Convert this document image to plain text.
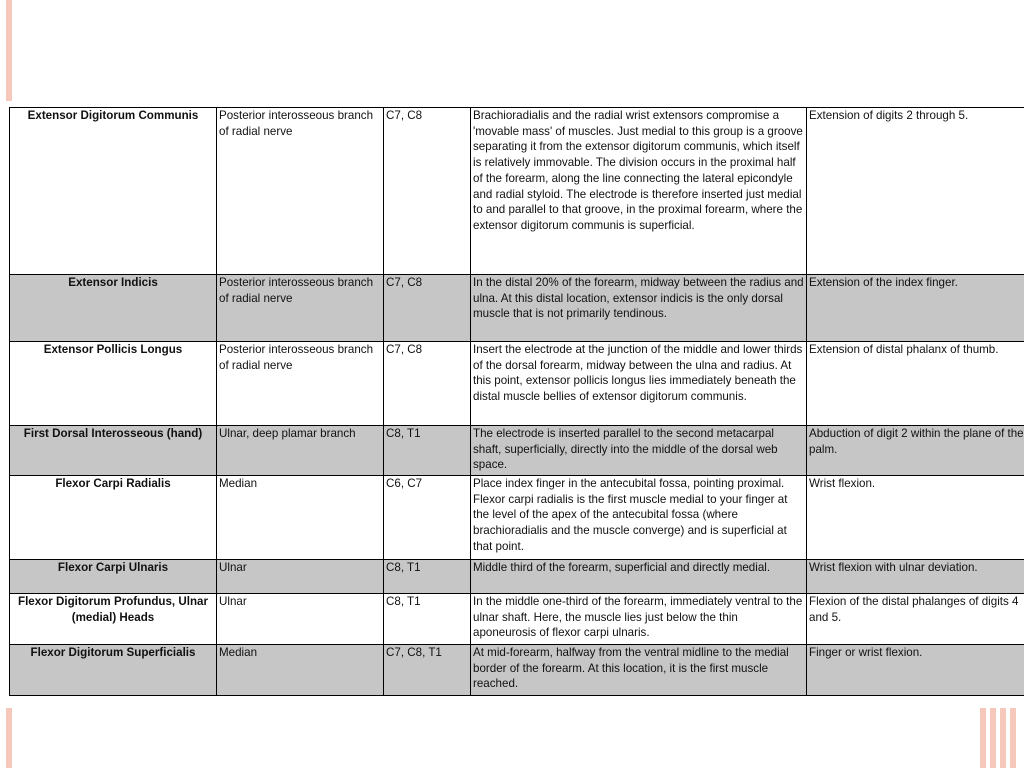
Extensor Digitorum Communis	Posterior interosseous branch of radial nerve	C7, C8	Brachioradialis and the radial wrist extensors compromise a 'movable mass' of muscles. Just medial to this group is a groove separating it from the extensor digitorum communis, which itself is relatively immovable. The division occurs in the proximal half of the forearm, along the line connecting the lateral epicondyle and radial styloid. The electrode is therefore inserted just medial to and parallel to that groove, in the proximal forearm, where the extensor digitorum communis is superficial.	Extension of digits 2 through 5.
Extensor Indicis	Posterior interosseous branch of radial nerve	C7, C8	In the distal 20% of the forearm, midway between the radius and ulna. At this distal location, extensor indicis is the only dorsal muscle that is not primarily tendinous.	Extension of the index finger.
Extensor Pollicis Longus	Posterior interosseous branch of radial nerve	C7, C8	Insert the electrode at the junction of the middle and lower thirds of the dorsal forearm, midway between the ulna and radius. At this point, extensor pollicis longus lies immediately beneath the distal muscle bellies of extensor digitorum communis.	Extension of distal phalanx of thumb.
First Dorsal Interosseous (hand)	Ulnar, deep plamar branch	C8, T1	The electrode is inserted parallel to the second metacarpal shaft, superficially, directly into the middle of the dorsal web space.	Abduction of digit 2 within the plane of the palm.
Flexor Carpi Radialis	Median	C6, C7	Place index finger in the antecubital fossa, pointing proximal. Flexor carpi radialis is the first muscle medial to your finger at the level of the apex of the antecubital fossa (where brachioradialis and the muscle converge) and is superficial at that point.	Wrist flexion.
Flexor Carpi Ulnaris	Ulnar	C8, T1	Middle third of the forearm, superficial and directly medial.	Wrist flexion with ulnar deviation.
Flexor Digitorum Profundus, Ulnar (medial) Heads	Ulnar	C8, T1	In the middle one-third of the forearm, immediately ventral to the ulnar shaft. Here, the muscle lies just below the thin aponeurosis of flexor carpi ulnaris.	Flexion of the distal phalanges of digits 4 and 5.
Flexor Digitorum Superficialis	Median	C7, C8, T1	At mid-forearm, halfway from the ventral midline to the medial border of the forearm. At this location, it is the first muscle reached.	Finger or wrist flexion.
